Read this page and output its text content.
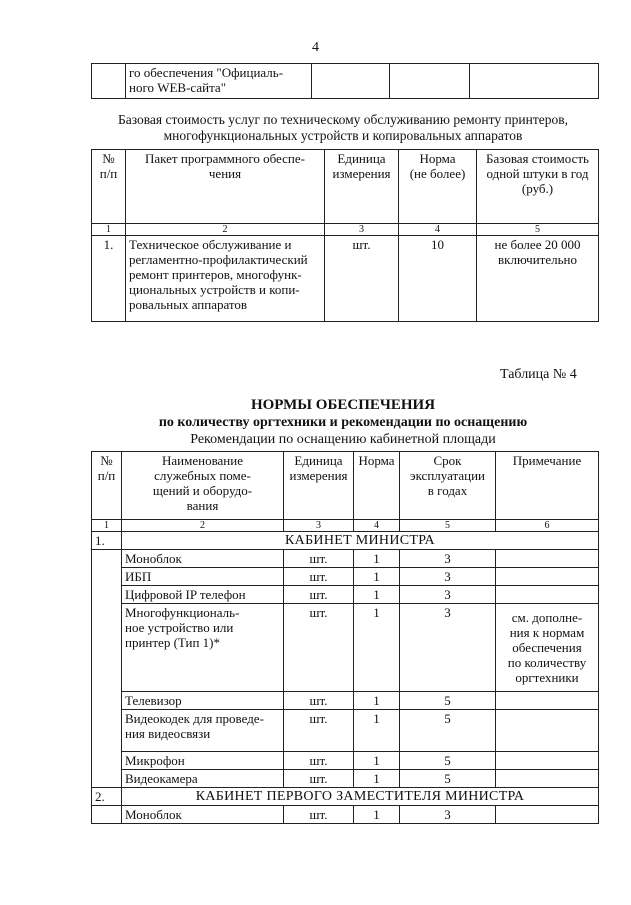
4
	го обеспечения "Официаль-
ного WEB-сайта"			
Базовая стоимость услуг по техническому обслуживанию ремонту принтеров,
многофункциональных устройств и копировальных аппаратов
№
п/п	Пакет программного обеспе-
чения	Единица
измерения	Норма
(не более)	Базовая стоимость
одной штуки в год
(руб.)
1	2	3	4	5
1.	Техническое обслуживание и
регламентно-профилактический
ремонт принтеров, многофунк-
циональных устройств и копи-
ровальных аппаратов	шт.	10	не более 20 000
включительно
Таблица № 4
НОРМЫ ОБЕСПЕЧЕНИЯ
по количеству оргтехники и рекомендации по оснащению
Рекомендации по оснащению кабинетной площади
№
п/п	Наименование
служебных поме-
щений и оборудо-
вания	Единица
измерения	Норма	Срок
эксплуатации
в годах	Примечание
1	2	3	4	5	6
1.	КАБИНЕТ МИНИСТРА				
	Моноблок	шт.	1	3	
	ИБП	шт.	1	3	
	Цифровой IP телефон	шт.	1	3	
	Многофункциональ-
ное устройство или
принтер (Тип 1)*	шт.	1	3	см. дополне-
ния к нормам
обеспечения
по количеству
оргтехники
	Телевизор	шт.	1	5	
	Видеокодек для проведе-
ния видеосвязи	шт.	1	5	
	Микрофон	шт.	1	5	
	Видеокамера	шт.	1	5	
2.	КАБИНЕТ ПЕРВОГО ЗАМЕСТИТЕЛЯ МИНИСТРА				
	Моноблок	шт.	1	3	
